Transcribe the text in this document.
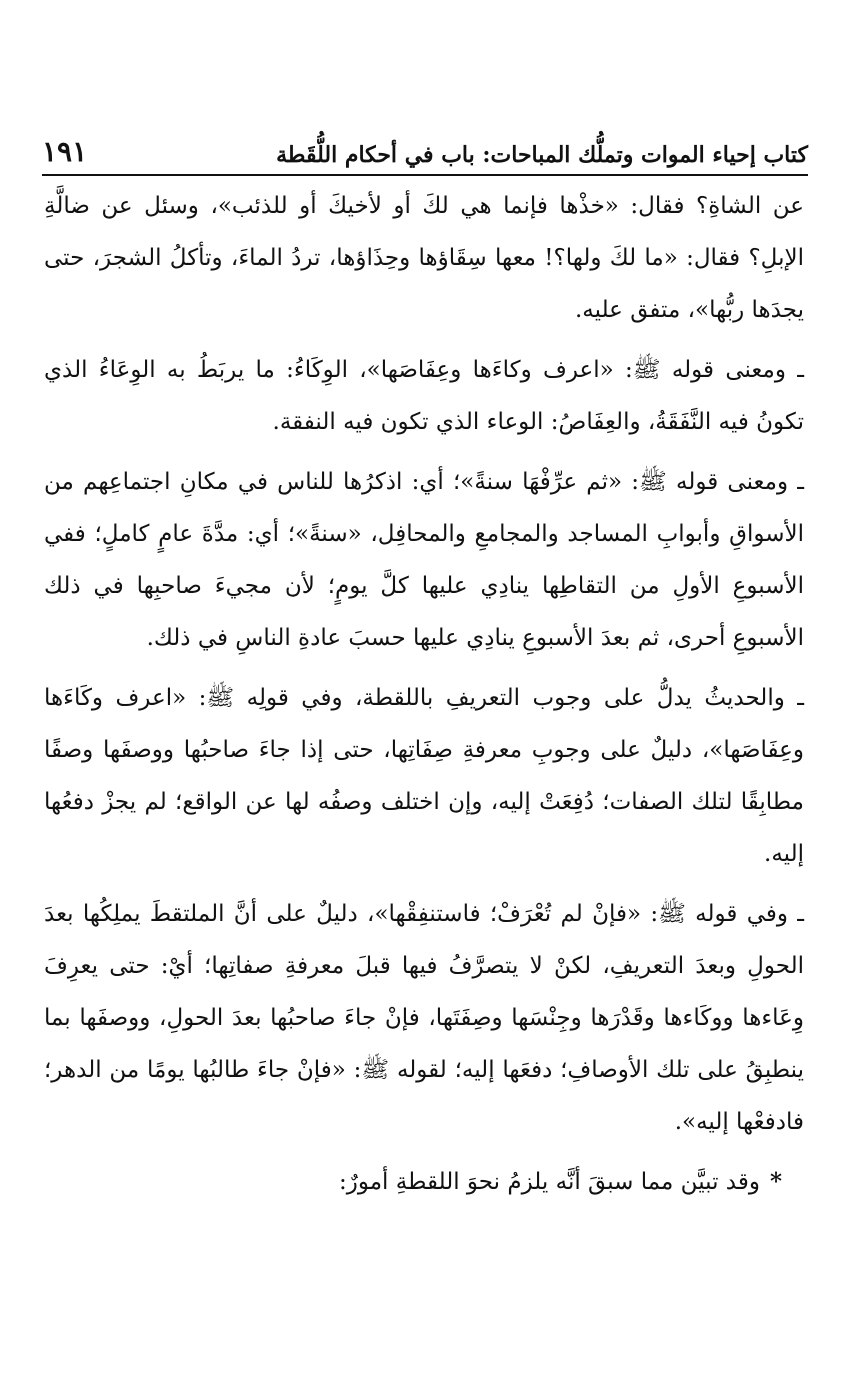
كتاب إحياء الموات وتملُّك المباحات: باب في أحكام اللُّقَطة
١٩١

عن الشاةِ؟ فقال: «خذْها فإنما هي لكَ أو لأخيكَ أو للذئب»، وسئل عن ضالَّةِ الإبلِ؟ فقال: «ما لكَ ولها؟! معها سِقَاؤها وحِذَاؤها، تردُ الماءَ، وتأكلُ الشجرَ، حتى يجدَها ربُّها»، متفق عليه.

ـ ومعنى قوله ﷺ: «اعرف وكاءَها وعِفَاصَها»، الوِكَاءُ: ما يربَطُ به الوِعَاءُ الذي تكونُ فيه النَّفَقَةُ، والعِفَاصُ: الوعاء الذي تكون فيه النفقة.

ـ ومعنى قوله ﷺ: «ثم عرِّفْهَا سنةً»؛ أي: اذكرُها للناس في مكانِ اجتماعِهم من الأسواقِ وأبوابِ المساجد والمجامعِ والمحافِل، «سنةً»؛ أي: مدَّةَ عامٍ كاملٍ؛ ففي الأسبوعِ الأولِ من التقاطِها ينادِي عليها كلَّ يومٍ؛ لأن مجيءَ صاحبِها في ذلك الأسبوعِ أحرى، ثم بعدَ الأسبوعِ ينادِي عليها حسبَ عادةِ الناسِ في ذلك.

ـ والحديثُ يدلُّ على وجوب التعريفِ باللقطة، وفي قولِه ﷺ: «اعرف وكَاءَها وعِفَاصَها»، دليلٌ على وجوبِ معرفةِ صِفَاتِها، حتى إذا جاءَ صاحبُها ووصفَها وصفًا مطابِقًا لتلك الصفات؛ دُفِعَتْ إليه، وإن اختلف وصفُه لها عن الواقع؛ لم يجزْ دفعُها إليه.

ـ وفي قوله ﷺ: «فإنْ لم تُعْرَفْ؛ فاستنفِقْها»، دليلٌ على أنَّ الملتقطَ يملِكُها بعدَ الحولِ وبعدَ التعريفِ، لكنْ لا يتصرَّفُ فيها قبلَ معرفةِ صفاتِها؛ أيْ: حتى يعرِفَ وِعَاءها ووكَاءها وقَدْرَها وجِنْسَها وصِفَتَها، فإنْ جاءَ صاحبُها بعدَ الحولِ، ووصفَها بما ينطبِقُ على تلك الأوصافِ؛ دفعَها إليه؛ لقوله ﷺ: «فإنْ جاءَ طالبُها يومًا من الدهر؛ فادفعْها إليه».

*وقد تبيَّن مما سبقَ أنَّه يلزمُ نحوَ اللقطةِ أمورٌ:
